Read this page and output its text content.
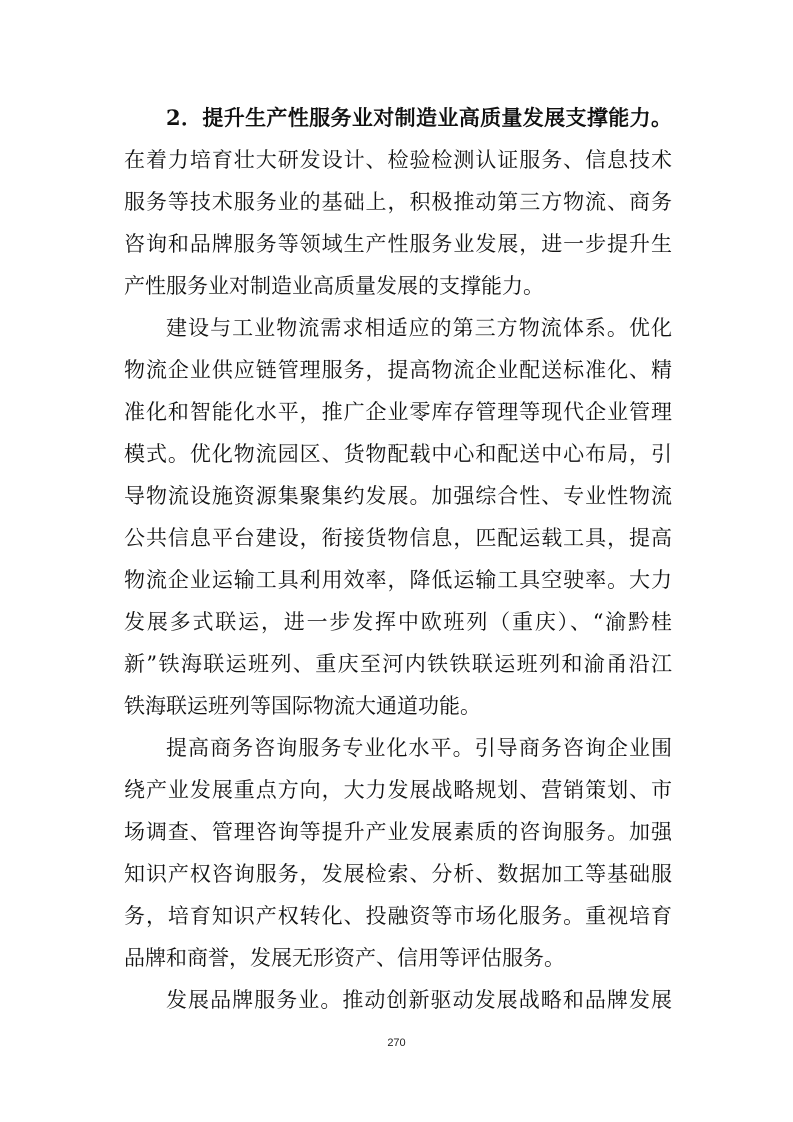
2．提升生产性服务业对制造业高质量发展支撑能力。
在着力培育壮大研发设计、检验检测认证服务、信息技术
服务等技术服务业的基础上，积极推动第三方物流、商务
咨询和品牌服务等领域生产性服务业发展，进一步提升生
产性服务业对制造业高质量发展的支撑能力。
建设与工业物流需求相适应的第三方物流体系。优化
物流企业供应链管理服务，提高物流企业配送标准化、精
准化和智能化水平，推广企业零库存管理等现代企业管理
模式。优化物流园区、货物配载中心和配送中心布局，引
导物流设施资源集聚集约发展。加强综合性、专业性物流
公共信息平台建设，衔接货物信息，匹配运载工具，提高
物流企业运输工具利用效率，降低运输工具空驶率。大力
发展多式联运，进一步发挥中欧班列（重庆）、“渝黔桂
新”铁海联运班列、重庆至河内铁铁联运班列和渝甬沿江
铁海联运班列等国际物流大通道功能。
提高商务咨询服务专业化水平。引导商务咨询企业围
绕产业发展重点方向，大力发展战略规划、营销策划、市
场调查、管理咨询等提升产业发展素质的咨询服务。加强
知识产权咨询服务，发展检索、分析、数据加工等基础服
务，培育知识产权转化、投融资等市场化服务。重视培育
品牌和商誉，发展无形资产、信用等评估服务。
发展品牌服务业。推动创新驱动发展战略和品牌发展
270
